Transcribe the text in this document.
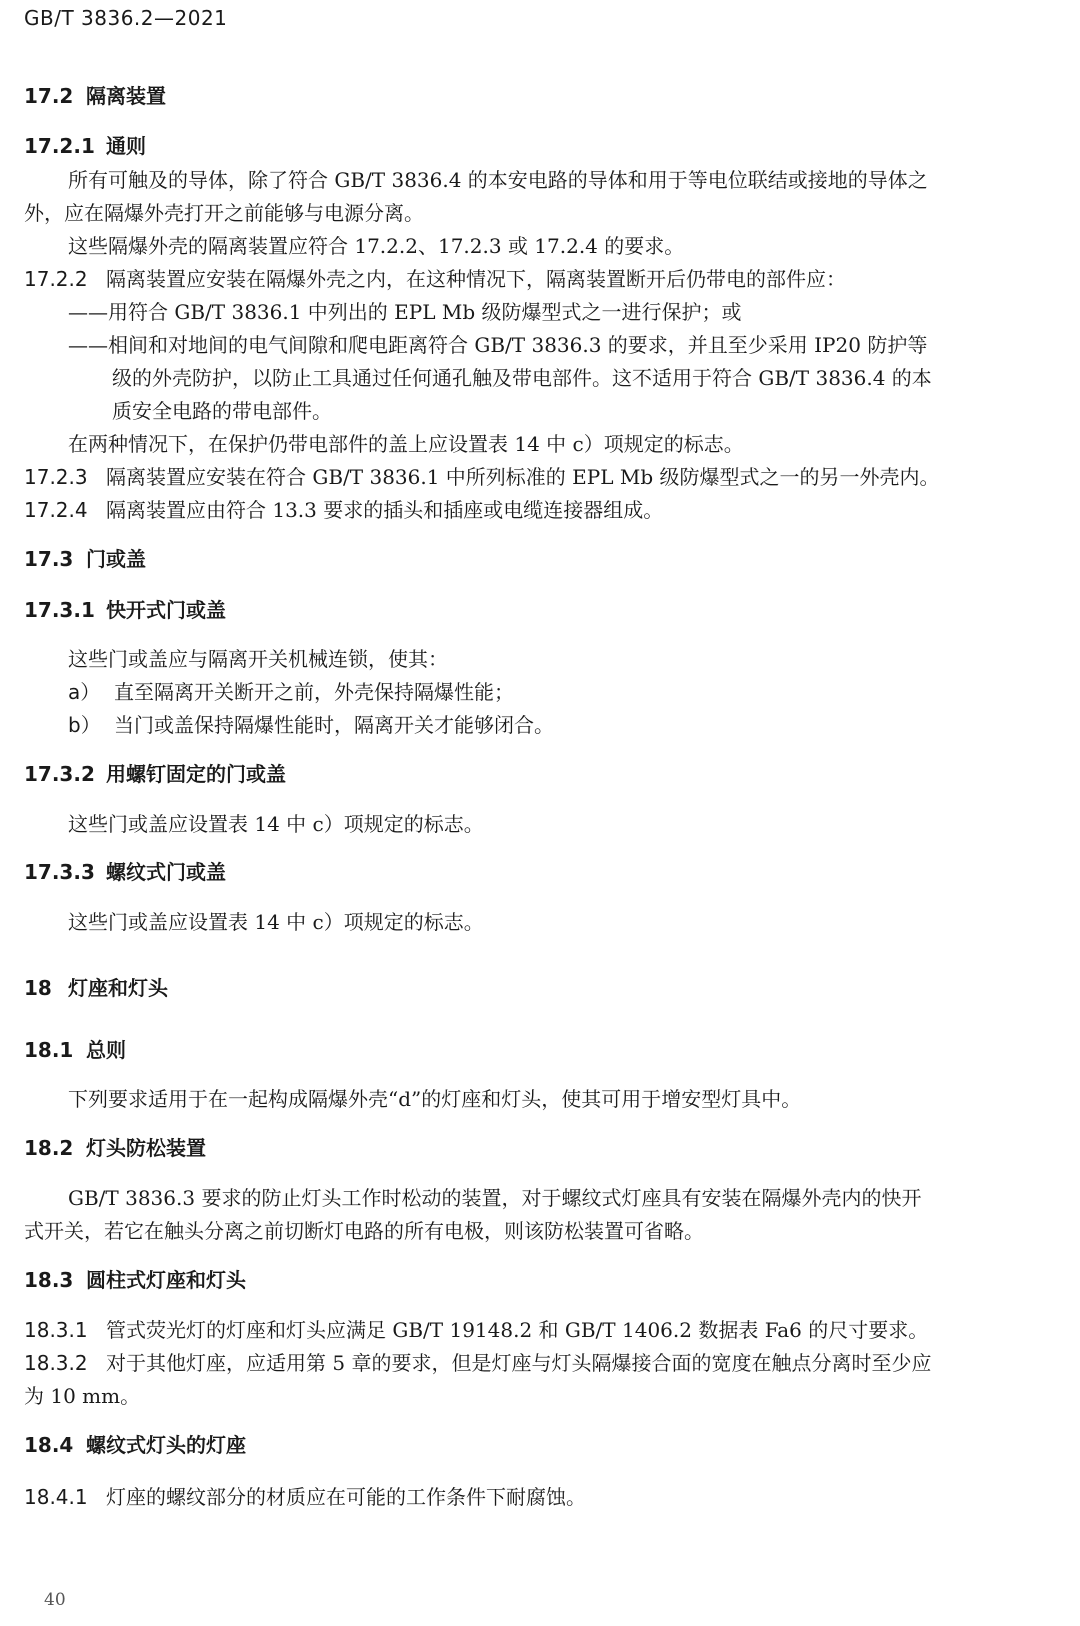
GB/T 3836.2—2021
17.2 隔离装置
17.2.1 通则
所有可触及的导体，除了符合 GB/T 3836.4 的本安电路的导体和用于等电位联结或接地的导体之
外，应在隔爆外壳打开之前能够与电源分离。
这些隔爆外壳的隔离装置应符合 17.2.2、17.2.3 或 17.2.4 的要求。
17.2.2 隔离装置应安装在隔爆外壳之内，在这种情况下，隔离装置断开后仍带电的部件应：
——用符合 GB/T 3836.1 中列出的 EPL Mb 级防爆型式之一进行保护；或
——相间和对地间的电气间隙和爬电距离符合 GB/T 3836.3 的要求，并且至少采用 IP20 防护等
级的外壳防护，以防止工具通过任何通孔触及带电部件。这不适用于符合 GB/T 3836.4 的本
质安全电路的带电部件。
在两种情况下，在保护仍带电部件的盖上应设置表 14 中 c）项规定的标志。
17.2.3 隔离装置应安装在符合 GB/T 3836.1 中所列标准的 EPL Mb 级防爆型式之一的另一外壳内。
17.2.4 隔离装置应由符合 13.3 要求的插头和插座或电缆连接器组成。
17.3 门或盖
17.3.1 快开式门或盖
这些门或盖应与隔离开关机械连锁，使其：
a） 直至隔离开关断开之前，外壳保持隔爆性能；
b） 当门或盖保持隔爆性能时，隔离开关才能够闭合。
17.3.2 用螺钉固定的门或盖
这些门或盖应设置表 14 中 c）项规定的标志。
17.3.3 螺纹式门或盖
这些门或盖应设置表 14 中 c）项规定的标志。
18 灯座和灯头
18.1 总则
下列要求适用于在一起构成隔爆外壳“d”的灯座和灯头，使其可用于增安型灯具中。
18.2 灯头防松装置
GB/T 3836.3 要求的防止灯头工作时松动的装置，对于螺纹式灯座具有安装在隔爆外壳内的快开
式开关，若它在触头分离之前切断灯电路的所有电极，则该防松装置可省略。
18.3 圆柱式灯座和灯头
18.3.1 管式荧光灯的灯座和灯头应满足 GB/T 19148.2 和 GB/T 1406.2 数据表 Fa6 的尺寸要求。
18.3.2 对于其他灯座，应适用第 5 章的要求，但是灯座与灯头隔爆接合面的宽度在触点分离时至少应
为 10 mm。
18.4 螺纹式灯头的灯座
18.4.1 灯座的螺纹部分的材质应在可能的工作条件下耐腐蚀。
40
